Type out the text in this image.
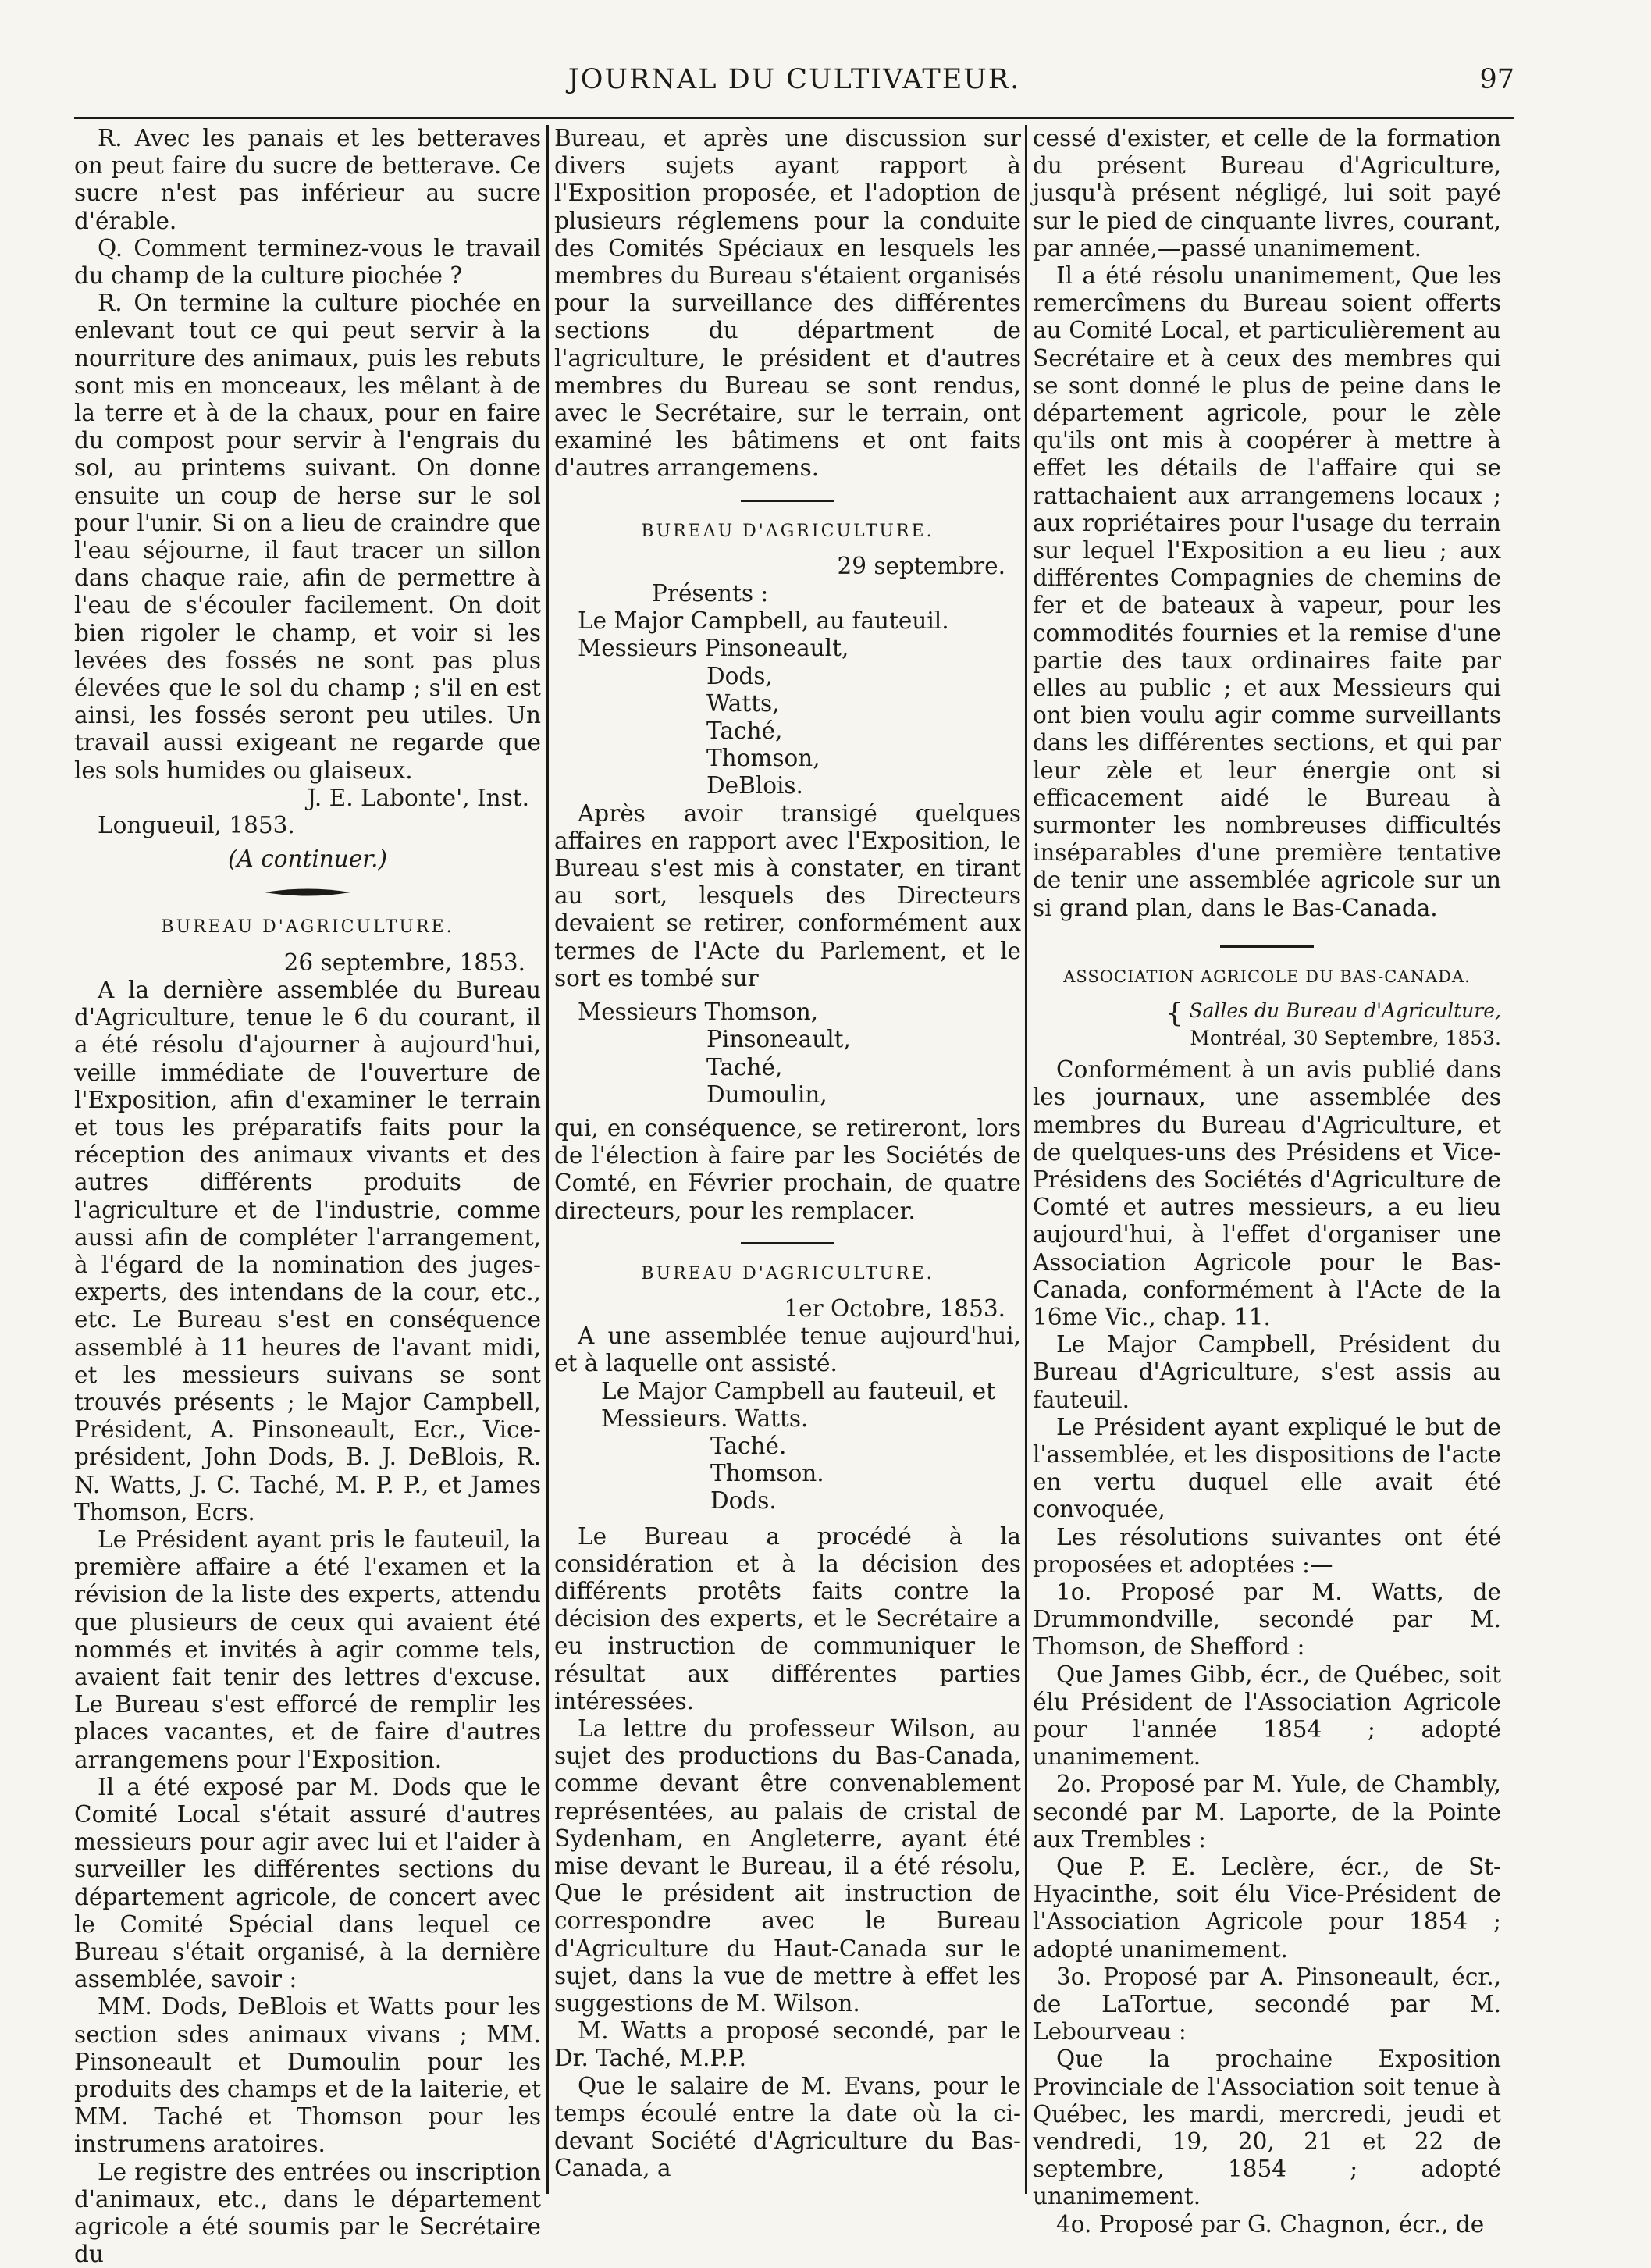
JOURNAL DU CULTIVATEUR.	97

R. Avec les panais et les betteraves on peut faire du sucre de betterave. Ce sucre n'est pas inférieur au sucre d'érable.

Q. Comment terminez-vous le travail du champ de la culture piochée ?

R. On termine la culture piochée en enlevant tout ce qui peut servir à la nourriture des animaux, puis les rebuts sont mis en monceaux, les mêlant à de la terre et à de la chaux, pour en faire du compost pour servir à l'engrais du sol, au printems suivant. On donne ensuite un coup de herse sur le sol pour l'unir. Si on a lieu de craindre que l'eau séjourne, il faut tracer un sillon dans chaque raie, afin de permettre à l'eau de s'écouler facilement. On doit bien rigoler le champ, et voir si les levées des fossés ne sont pas plus élevées que le sol du champ ; s'il en est ainsi, les fossés seront peu utiles. Un travail aussi exigeant ne regarde que les sols humides ou glaiseux.

J. E. Labonte', Inst.

Longueuil, 1853.

(A continuer.)

BUREAU D'AGRICULTURE.

26 septembre, 1853.

A la dernière assemblée du Bureau d'Agriculture, tenue le 6 du courant, il a été résolu d'ajourner à aujourd'hui, veille immédiate de l'ouverture de l'Exposition, afin d'examiner le terrain et tous les préparatifs faits pour la réception des animaux vivants et des autres différents produits de l'agriculture et de l'industrie, comme aussi afin de compléter l'arrangement, à l'égard de la nomination des juges-experts, des intendans de la cour, etc., etc. Le Bureau s'est en conséquence assemblé à 11 heures de l'avant midi, et les messieurs suivans se sont trouvés présents ; le Major Campbell, Président, A. Pinsoneault, Ecr., Vice-président, John Dods, B. J. DeBlois, R. N. Watts, J. C. Taché, M. P. P., et James Thomson, Ecrs.

Le Président ayant pris le fauteuil, la première affaire a été l'examen et la révision de la liste des experts, attendu que plusieurs de ceux qui avaient été nommés et invités à agir comme tels, avaient fait tenir des lettres d'excuse. Le Bureau s'est efforcé de remplir les places vacantes, et de faire d'autres arrangemens pour l'Exposition.

Il a été exposé par M. Dods que le Comité Local s'était assuré d'autres messieurs pour agir avec lui et l'aider à surveiller les différentes sections du département agricole, de concert avec le Comité Spécial dans lequel ce Bureau s'était organisé, à la dernière assemblée, savoir :

MM. Dods, DeBlois et Watts pour les section sdes animaux vivans ; MM. Pinsoneault et Dumoulin pour les produits des champs et de la laiterie, et MM. Taché et Thomson pour les instrumens aratoires.

Le registre des entrées ou inscription d'animaux, etc., dans le département agricole a été soumis par le Secrétaire du

Bureau, et après une discussion sur divers sujets ayant rapport à l'Exposition proposée, et l'adoption de plusieurs réglemens pour la conduite des Comités Spéciaux en lesquels les membres du Bureau s'étaient organisés pour la surveillance des différentes sections du départment de l'agriculture, le président et d'autres membres du Bureau se sont rendus, avec le Secrétaire, sur le terrain, ont examiné les bâtimens et ont faits d'autres arrangemens.

BUREAU D'AGRICULTURE.

29 septembre.

Présents :

Le Major Campbell, au fauteuil.

Messieurs Pinsoneault,

Dods,

Watts,

Taché,

Thomson,

DeBlois.

Après avoir transigé quelques affaires en rapport avec l'Exposition, le Bureau s'est mis à constater, en tirant au sort, lesquels des Directeurs devaient se retirer, conformément aux termes de l'Acte du Parlement, et le sort es tombé sur

Messieurs Thomson,

Pinsoneault,

Taché,

Dumoulin,

qui, en conséquence, se retireront, lors de l'élection à faire par les Sociétés de Comté, en Février prochain, de quatre directeurs, pour les remplacer.

BUREAU D'AGRICULTURE.

1er Octobre, 1853.

A une assemblée tenue aujourd'hui, et à laquelle ont assisté.

Le Major Campbell au fauteuil, et

Messieurs. Watts.

Taché.

Thomson.

Dods.

Le Bureau a procédé à la considération et à la décision des différents protêts faits contre la décision des experts, et le Secrétaire a eu instruction de communiquer le résultat aux différentes parties intéressées.

La lettre du professeur Wilson, au sujet des productions du Bas-Canada, comme devant être convenablement représentées, au palais de cristal de Sydenham, en Angleterre, ayant été mise devant le Bureau, il a été résolu, Que le président ait instruction de correspondre avec le Bureau d'Agriculture du Haut-Canada sur le sujet, dans la vue de mettre à effet les suggestions de M. Wilson.

M. Watts a proposé secondé, par le Dr. Taché, M.P.P.

Que le salaire de M. Evans, pour le temps écoulé entre la date où la ci-devant Société d'Agriculture du Bas-Canada, a

cessé d'exister, et celle de la formation du présent Bureau d'Agriculture, jusqu'à présent négligé, lui soit payé sur le pied de cinquante livres, courant, par année,—passé unanimement.

Il a été résolu unanimement, Que les remercîmens du Bureau soient offerts au Comité Local, et particulièrement au Secrétaire et à ceux des membres qui se sont donné le plus de peine dans le département agricole, pour le zèle qu'ils ont mis à coopérer à mettre à effet les détails de l'affaire qui se rattachaient aux arrangemens locaux ; aux ropriétaires pour l'usage du terrain sur lequel l'Exposition a eu lieu ; aux différentes Compagnies de chemins de fer et de bateaux à vapeur, pour les commodités fournies et la remise d'une partie des taux ordinaires faite par elles au public ; et aux Messieurs qui ont bien voulu agir comme surveillants dans les différentes sections, et qui par leur zèle et leur énergie ont si efficacement aidé le Bureau à surmonter les nombreuses difficultés inséparables d'une première tentative de tenir une assemblée agricole sur un si grand plan, dans le Bas-Canada.

ASSOCIATION AGRICOLE DU BAS-CANADA.

{ Salles du Bureau d'Agriculture,

Montréal, 30 Septembre, 1853.

Conformément à un avis publié dans les journaux, une assemblée des membres du Bureau d'Agriculture, et de quelques-uns des Présidens et Vice-Présidens des Sociétés d'Agriculture de Comté et autres messieurs, a eu lieu aujourd'hui, à l'effet d'organiser une Association Agricole pour le Bas-Canada, conformément à l'Acte de la 16me Vic., chap. 11.

Le Major Campbell, Président du Bureau d'Agriculture, s'est assis au fauteuil.

Le Président ayant expliqué le but de l'assemblée, et les dispositions de l'acte en vertu duquel elle avait été convoquée,

Les résolutions suivantes ont été proposées et adoptées :—

1o. Proposé par M. Watts, de Drummondville, secondé par M. Thomson, de Shefford :

Que James Gibb, écr., de Québec, soit élu Président de l'Association Agricole pour l'année 1854 ; adopté unanimement.

2o. Proposé par M. Yule, de Chambly, secondé par M. Laporte, de la Pointe aux Trembles :

Que P. E. Leclère, écr., de St-Hyacinthe, soit élu Vice-Président de l'Association Agricole pour 1854 ; adopté unanimement.

3o. Proposé par A. Pinsoneault, écr., de LaTortue, secondé par M. Lebourveau :

Que la prochaine Exposition Provinciale de l'Association soit tenue à Québec, les mardi, mercredi, jeudi et vendredi, 19, 20, 21 et 22 de septembre, 1854 ; adopté unanimement.

4o. Proposé par G. Chagnon, écr., de
